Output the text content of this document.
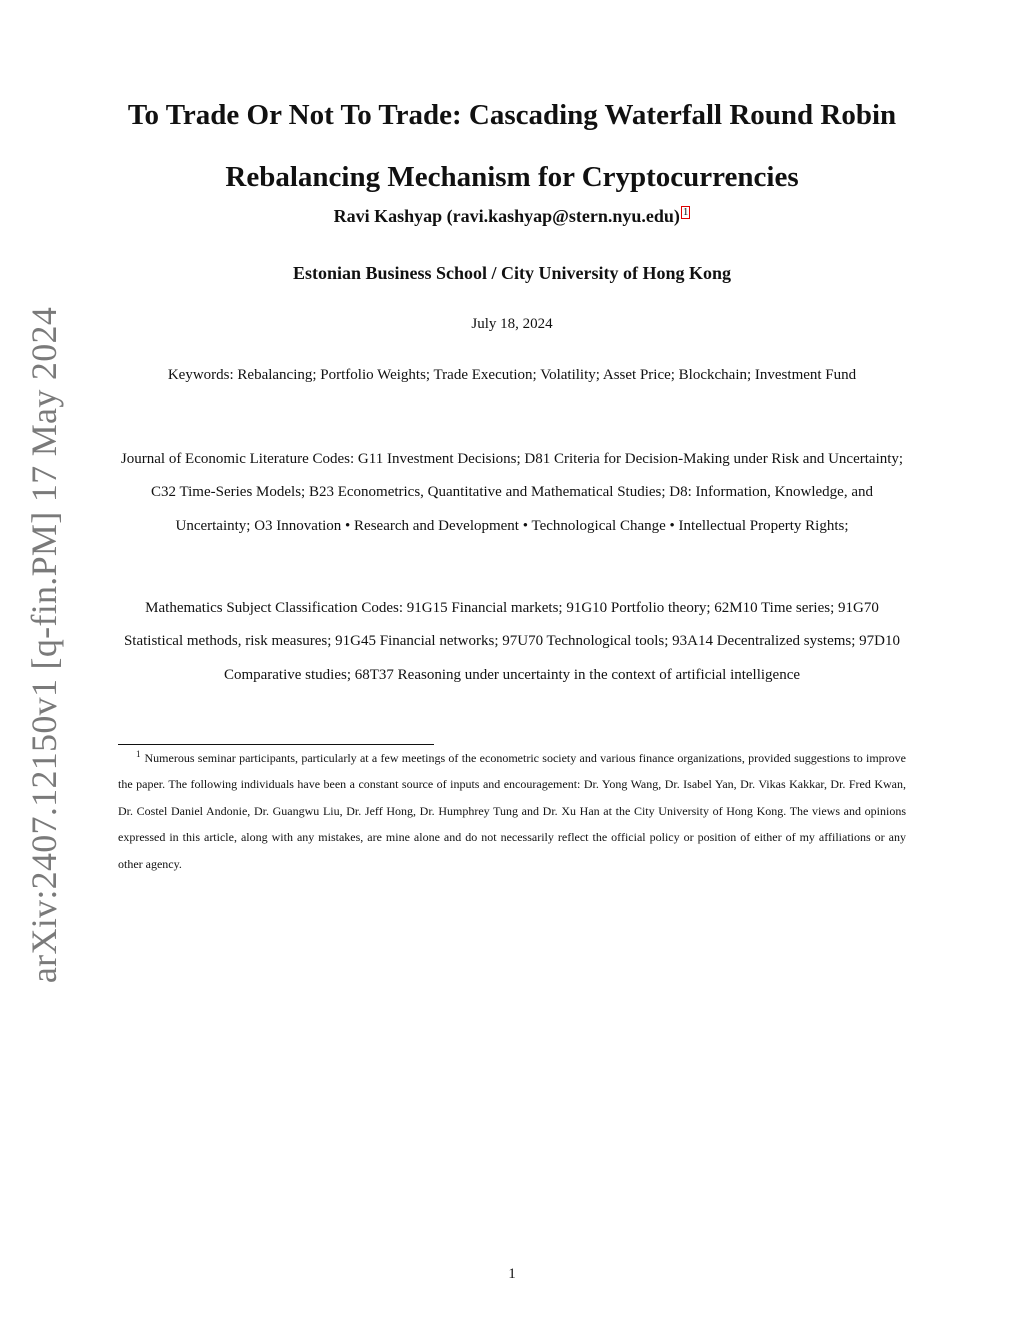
arXiv:2407.12150v1 [q-fin.PM] 17 May 2024
To Trade Or Not To Trade: Cascading Waterfall Round Robin Rebalancing Mechanism for Cryptocurrencies
Ravi Kashyap (ravi.kashyap@stern.nyu.edu) 1
Estonian Business School / City University of Hong Kong
July 18, 2024
Keywords: Rebalancing; Portfolio Weights; Trade Execution; Volatility; Asset Price; Blockchain; Investment Fund
Journal of Economic Literature Codes: G11 Investment Decisions; D81 Criteria for Decision-Making under Risk and Uncertainty; C32 Time-Series Models; B23 Econometrics, Quantitative and Mathematical Studies; D8: Information, Knowledge, and Uncertainty; O3 Innovation • Research and Development • Technological Change • Intellectual Property Rights;
Mathematics Subject Classification Codes: 91G15 Financial markets; 91G10 Portfolio theory; 62M10 Time series; 91G70 Statistical methods, risk measures; 91G45 Financial networks; 97U70 Technological tools; 93A14 Decentralized systems; 97D10 Comparative studies; 68T37 Reasoning under uncertainty in the context of artificial intelligence
$^1$ Numerous seminar participants, particularly at a few meetings of the econometric society and various finance organizations, provided suggestions to improve the paper. The following individuals have been a constant source of inputs and encouragement: Dr. Yong Wang, Dr. Isabel Yan, Dr. Vikas Kakkar, Dr. Fred Kwan, Dr. Costel Daniel Andonie, Dr. Guangwu Liu, Dr. Jeff Hong, Dr. Humphrey Tung and Dr. Xu Han at the City University of Hong Kong. The views and opinions expressed in this article, along with any mistakes, are mine alone and do not necessarily reflect the official policy or position of either of my affiliations or any other agency.
1
